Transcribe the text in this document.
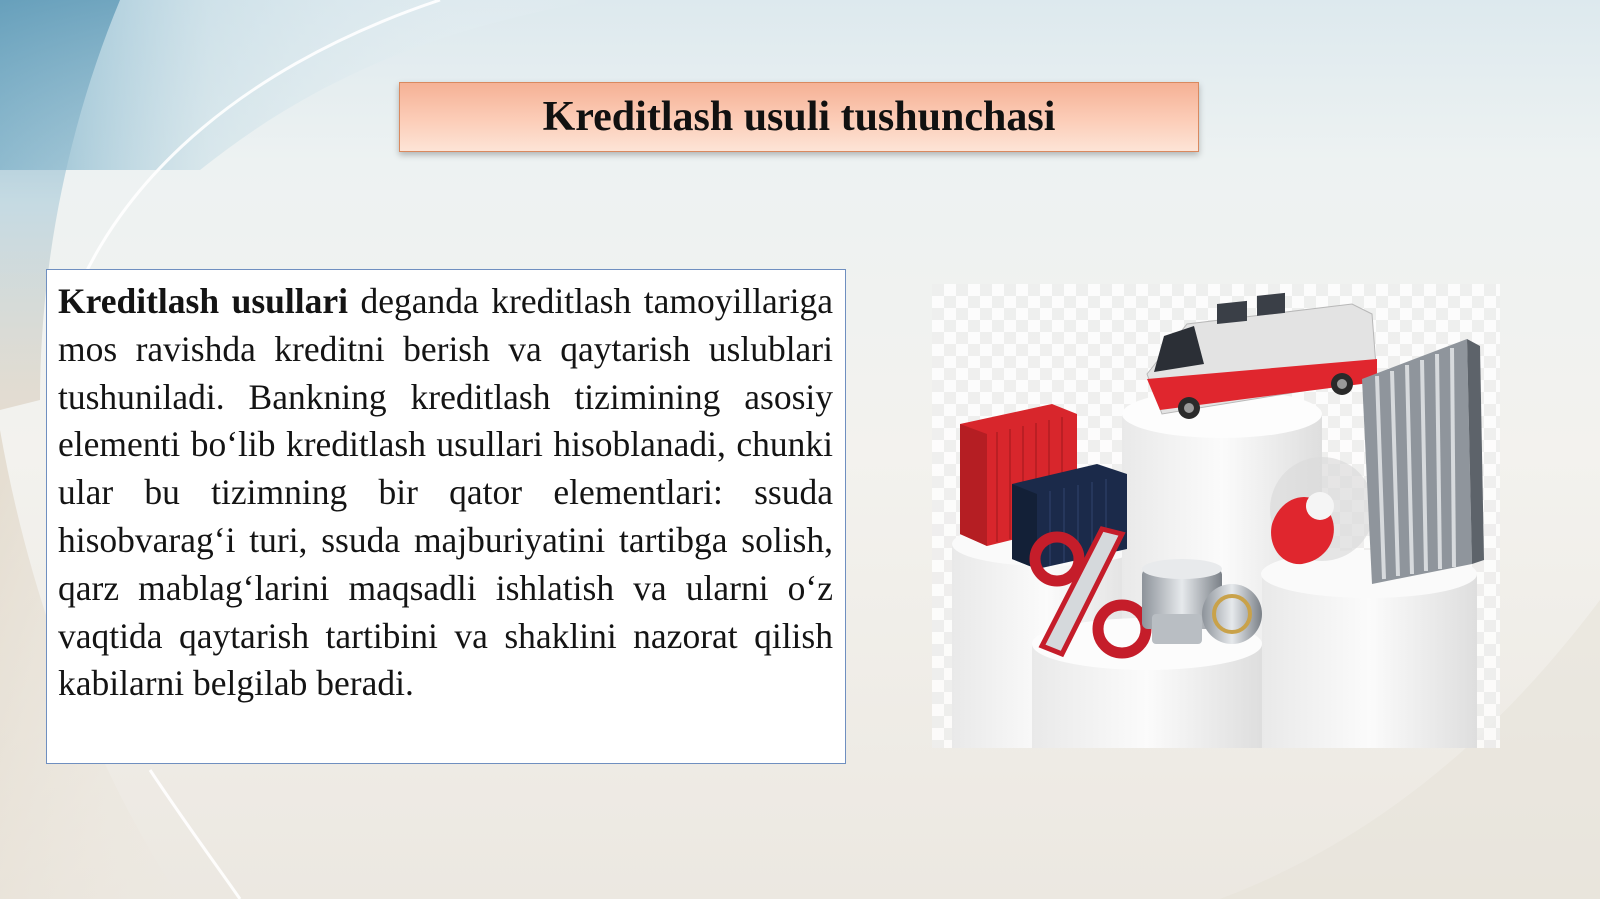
Kreditlash usuli tushunchasi
Kreditlash usullari deganda kreditlash tamoyillariga mos ravishda kreditni berish va qaytarish uslublari tushuniladi. Bankning kreditlash tizimining asosiy elementi bo‘lib kreditlash usullari hisoblanadi, chunki ular bu tizimning bir qator elementlari: ssuda hisobvarag‘i turi, ssuda majburiyatini tartibga solish, qarz mablag‘larini maqsadli ishlatish va ularni o‘z vaqtida qaytarish tartibini va shaklini nazorat qilish kabilarni belgilab beradi.
